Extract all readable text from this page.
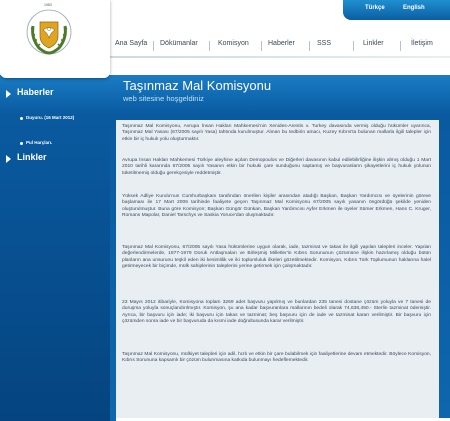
1983	Türkçe	English
Ana Sayfa Dökümanlar	Komisyon	Haberler	SSS	Linkler	İletişim
Taşınmaz Mal Komisyonu
web sitesine hoşgeldiniz
Haberler
Duyuru. (16 Mart 2012)
Pul Harçları.
Linkler

Taşınmaz Mal Komisyonu, Avrupa İnsan Hakları Mahkemesi'nin Xenides-Arestis v. Turkey davasında vermiş olduğu hükümler uyarınca, Taşınmaz Mal Yasası (67/2005 sayılı Yasa) tahtında kurulmuştur. Alınan bu tedbirin amacı, Kuzey Kıbrıs'ta bulunan mallarla ilgili talepler için etkin bir iç hukuk yolu oluşturmaktır.

Avrupa İnsan Hakları Mahkemesi Türkiye aleyhine açılan Demopoulos ve Diğerleri davasının kabul edilebilirliğine ilişkin almış olduğu 1 Mart 2010 tarihli kararında 67/2005 sayılı Yasanın etkin bir hukuki çare sunduğunu saptamış ve başvuranların şikayetlerini iç hukuk yolunun tüketilmemiş olduğu gerekçesiyle reddetmiştir.

Yüksek Adliye Kurulu'nun Cumhurbaşkanı tarafından önerilen kişiler arasından atadığı Başkan, Başkan Yardımcısı ve üyelerinin göreve başlaması ile 17 Mart 2006 tarihinde faaliyete geçen Taşınmaz Mal Komisyonu 67/2005 sayılı yasanın öngördüğü şekilde yeniden oluşturulmuştur. Buna göre Komisyon; Başkan Güngör Günkan, Başkan Yardımcısı Ayfer Erkmen ile üyeler Sümer Erkmen, Hans C. Kruger, Romans Mapolar, Daniel Tarschys ve Saskia Yoruce'dan oluşmaktadır.

Taşınmaz Mal Komisyonu, 67/2005 sayılı Yasa hükümlerine uygun olarak, iade, tazminat ve takas ile ilgili yapılan talepleri inceler. Yapılan değerlendirmelerde, 1977-1979 Doruk Antlaşmaları ve Birleşmiş Milletler'in Kıbrıs Sorununun çözümüne ilişkin hazırlamış olduğu bütün planların ana unsurunu teşkil eden iki kesimlilik ve iki toplumluluk ilkeleri gözetilmektedir. Komisyon, Kıbrıs Türk Toplumunun haklarına halel getirmeyecek bir biçimde, mülk sahiplerinin taleplerini yerine getirmek için çalışmaktadır.

23 Mayıs 2012 itibariyle, Komisyona toplam 3269 adet başvuru yapılmış ve bunlardan 235 tanesi dostane çözüm yoluyla ve 7 tanesi de duruşma yoluyla sonuçlandırılmıştır. Komisyon, şu ana kadar başvuranlara mallarının bedeli olarak 74,638,450.- Sterlin tazminat ödemiştir. Ayrıca, bir başvuru için iade; iki başvuru için takas ve tazminat; beş başvuru için de iade ve tazminat kararı verilmiştir. Bir başvuru için çözümden sonra iade ve bir başvuruda da kısmi iade doğrultusunda karar verilmiştir.

Taşınmaz Mal Komisyonu, mülkiyet talepleri için adil, hızlı ve etkin bir çare bulabilmek için faaliyetlerine devam etmektedir. Böylece Komisyon, Kıbrıs Sorununa kapsamlı bir çözüm bulunmasına katkıda bulunmayı hedeflemektedir.
